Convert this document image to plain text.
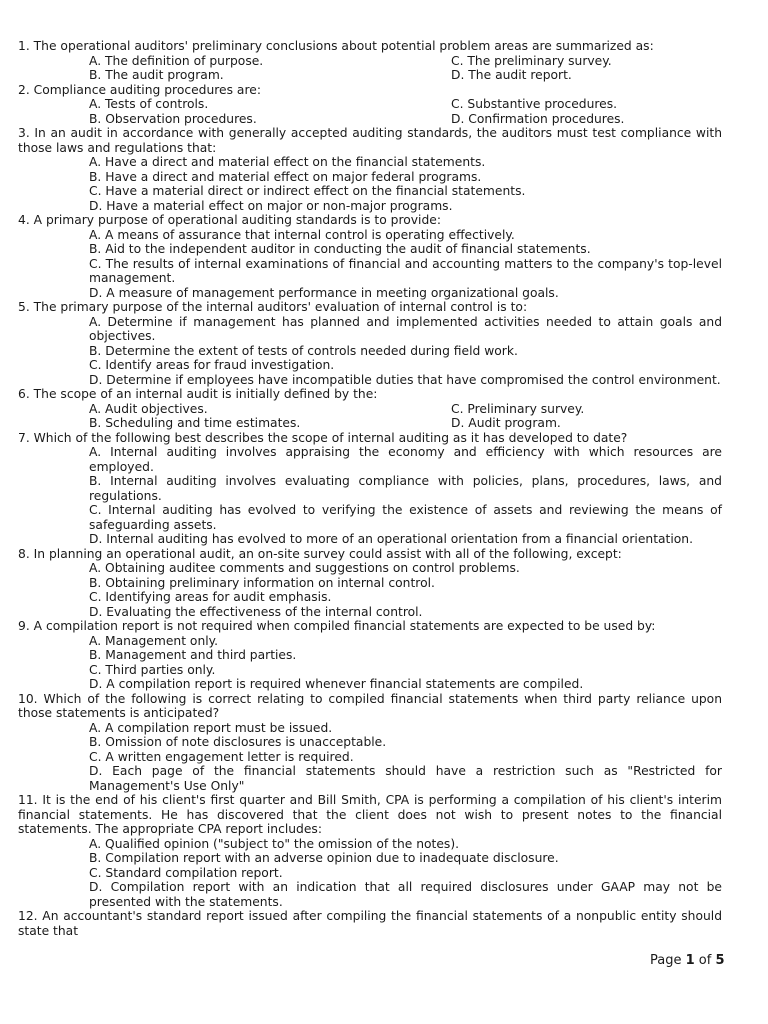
1. The operational auditors' preliminary conclusions about potential problem areas are summarized as:
A. The definition of purpose.	C. The preliminary survey.
B. The audit program.	D. The audit report.
2. Compliance auditing procedures are:
A. Tests of controls.	C. Substantive procedures.
B. Observation procedures.	D. Confirmation procedures.
3. In an audit in accordance with generally accepted auditing standards, the auditors must test compliance with those laws and regulations that:
A. Have a direct and material effect on the financial statements.
B. Have a direct and material effect on major federal programs.
C. Have a material direct or indirect effect on the financial statements.
D. Have a material effect on major or non-major programs.
4. A primary purpose of operational auditing standards is to provide:
A. A means of assurance that internal control is operating effectively.
B. Aid to the independent auditor in conducting the audit of financial statements.
C. The results of internal examinations of financial and accounting matters to the company's top-level management.
D. A measure of management performance in meeting organizational goals.
5. The primary purpose of the internal auditors' evaluation of internal control is to:
A. Determine if management has planned and implemented activities needed to attain goals and objectives.
B. Determine the extent of tests of controls needed during field work.
C. Identify areas for fraud investigation.
D. Determine if employees have incompatible duties that have compromised the control environment.
6. The scope of an internal audit is initially defined by the:
A. Audit objectives.	C. Preliminary survey.
B. Scheduling and time estimates.	D. Audit program.
7. Which of the following best describes the scope of internal auditing as it has developed to date?
A. Internal auditing involves appraising the economy and efficiency with which resources are employed.
B. Internal auditing involves evaluating compliance with policies, plans, procedures, laws, and regulations.
C. Internal auditing has evolved to verifying the existence of assets and reviewing the means of safeguarding assets.
D. Internal auditing has evolved to more of an operational orientation from a financial orientation.
8. In planning an operational audit, an on-site survey could assist with all of the following, except:
A. Obtaining auditee comments and suggestions on control problems.
B. Obtaining preliminary information on internal control.
C. Identifying areas for audit emphasis.
D. Evaluating the effectiveness of the internal control.
9. A compilation report is not required when compiled financial statements are expected to be used by:
A. Management only.
B. Management and third parties.
C. Third parties only.
D. A compilation report is required whenever financial statements are compiled.
10. Which of the following is correct relating to compiled financial statements when third party reliance upon those statements is anticipated?
A. A compilation report must be issued.
B. Omission of note disclosures is unacceptable.
C. A written engagement letter is required.
D. Each page of the financial statements should have a restriction such as "Restricted for Management's Use Only"
11. It is the end of his client's first quarter and Bill Smith, CPA is performing a compilation of his client's interim financial statements. He has discovered that the client does not wish to present notes to the financial statements. The appropriate CPA report includes:
A. Qualified opinion ("subject to" the omission of the notes).
B. Compilation report with an adverse opinion due to inadequate disclosure.
C. Standard compilation report.
D. Compilation report with an indication that all required disclosures under GAAP may not be presented with the statements.
12. An accountant's standard report issued after compiling the financial statements of a nonpublic entity should state that
Page 1 of 5
